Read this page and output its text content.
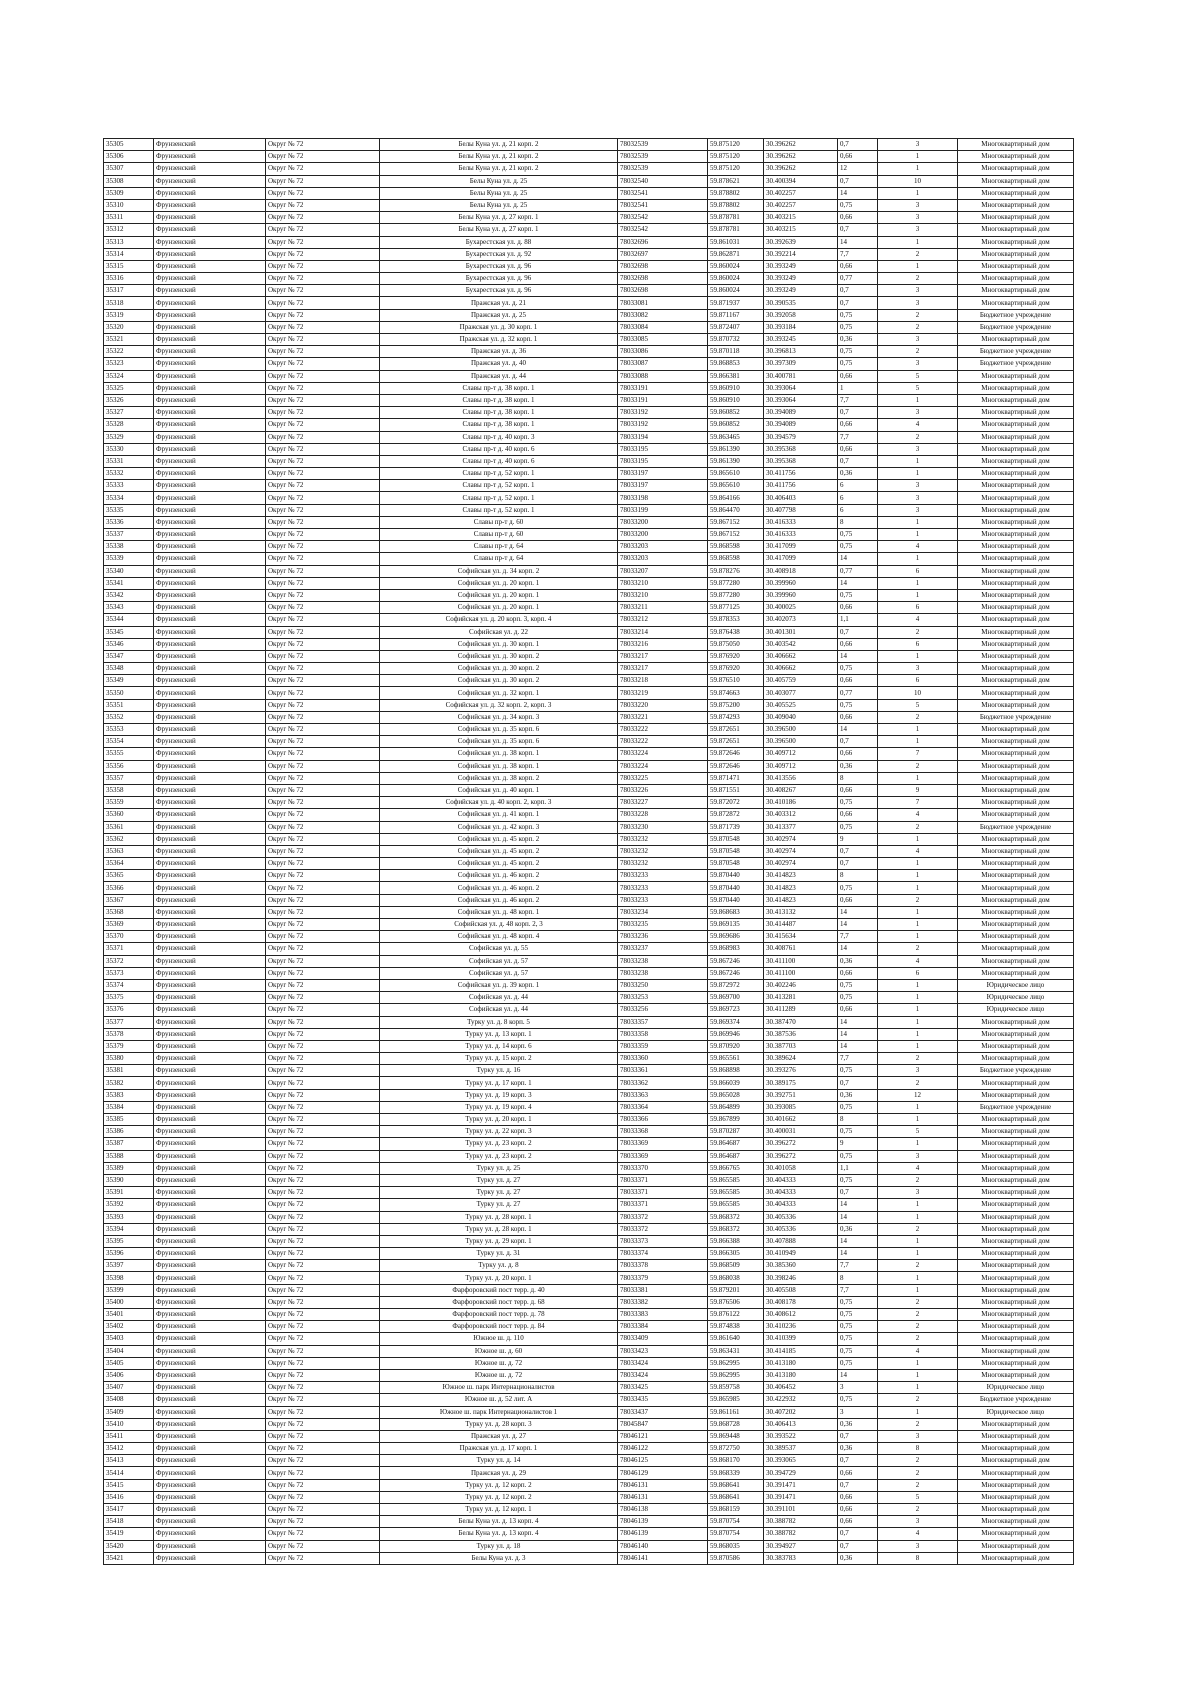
35305	Фрунзенский	Округ № 72	Белы Куна ул. д. 21 корп. 2	78032539	59.875120	30.396262	0,7	3	Многоквартирный дом
35306	Фрунзенский	Округ № 72	Белы Куна ул. д. 21 корп. 2	78032539	59.875120	30.396262	0,66	1	Многоквартирный дом
35307	Фрунзенский	Округ № 72	Белы Куна ул. д. 21 корп. 2	78032539	59.875120	30.396262	12	1	Многоквартирный дом
35308	Фрунзенский	Округ № 72	Белы Куна ул. д. 25	78032540	59.878621	30.400394	0,7	10	Многоквартирный дом
35309	Фрунзенский	Округ № 72	Белы Куна ул. д. 25	78032541	59.878802	30.402257	14	1	Многоквартирный дом
35310	Фрунзенский	Округ № 72	Белы Куна ул. д. 25	78032541	59.878802	30.402257	0,75	3	Многоквартирный дом
35311	Фрунзенский	Округ № 72	Белы Куна ул. д. 27 корп. 1	78032542	59.878781	30.403215	0,66	3	Многоквартирный дом
35312	Фрунзенский	Округ № 72	Белы Куна ул. д. 27 корп. 1	78032542	59.878781	30.403215	0,7	3	Многоквартирный дом
35313	Фрунзенский	Округ № 72	Бухарестская ул. д. 88	78032696	59.861031	30.392639	14	1	Многоквартирный дом
35314	Фрунзенский	Округ № 72	Бухарестская ул. д. 92	78032697	59.862871	30.392214	7,7	2	Многоквартирный дом
35315	Фрунзенский	Округ № 72	Бухарестская ул. д. 96	78032698	59.860024	30.393249	0,66	1	Многоквартирный дом
35316	Фрунзенский	Округ № 72	Бухарестская ул. д. 96	78032698	59.860024	30.393249	0,77	2	Многоквартирный дом
35317	Фрунзенский	Округ № 72	Бухарестская ул. д. 96	78032698	59.860024	30.393249	0,7	3	Многоквартирный дом
35318	Фрунзенский	Округ № 72	Пражская ул. д. 21	78033081	59.871937	30.390535	0,7	3	Многоквартирный дом
35319	Фрунзенский	Округ № 72	Пражская ул. д. 25	78033082	59.871167	30.392058	0,75	2	Бюджетное учреждение
35320	Фрунзенский	Округ № 72	Пражская ул. д. 30 корп. 1	78033084	59.872407	30.393184	0,75	2	Бюджетное учреждение
35321	Фрунзенский	Округ № 72	Пражская ул. д. 32 корп. 1	78033085	59.870732	30.393245	0,36	3	Многоквартирный дом
35322	Фрунзенский	Округ № 72	Пражская ул. д. 36	78033086	59.870118	30.396813	0,75	2	Бюджетное учреждение
35323	Фрунзенский	Округ № 72	Пражская ул. д. 40	78033087	59.868853	30.397309	0,75	3	Бюджетное учреждение
35324	Фрунзенский	Округ № 72	Пражская ул. д. 44	78033088	59.866381	30.400781	0,66	5	Многоквартирный дом
35325	Фрунзенский	Округ № 72	Славы пр-т д. 38 корп. 1	78033191	59.860910	30.393064	1	5	Многоквартирный дом
35326	Фрунзенский	Округ № 72	Славы пр-т д. 38 корп. 1	78033191	59.860910	30.393064	7,7	1	Многоквартирный дом
35327	Фрунзенский	Округ № 72	Славы пр-т д. 38 корп. 1	78033192	59.860852	30.394089	0,7	3	Многоквартирный дом
35328	Фрунзенский	Округ № 72	Славы пр-т д. 38 корп. 1	78033192	59.860852	30.394089	0,66	4	Многоквартирный дом
35329	Фрунзенский	Округ № 72	Славы пр-т д. 40 корп. 3	78033194	59.863465	30.394579	7,7	2	Многоквартирный дом
35330	Фрунзенский	Округ № 72	Славы пр-т д. 40 корп. 6	78033195	59.861390	30.395368	0,66	3	Многоквартирный дом
35331	Фрунзенский	Округ № 72	Славы пр-т д. 40 корп. 6	78033195	59.861390	30.395368	0,7	1	Многоквартирный дом
35332	Фрунзенский	Округ № 72	Славы пр-т д. 52 корп. 1	78033197	59.865610	30.411756	0,36	1	Многоквартирный дом
35333	Фрунзенский	Округ № 72	Славы пр-т д. 52 корп. 1	78033197	59.865610	30.411756	6	3	Многоквартирный дом
35334	Фрунзенский	Округ № 72	Славы пр-т д. 52 корп. 1	78033198	59.864166	30.406403	6	3	Многоквартирный дом
35335	Фрунзенский	Округ № 72	Славы пр-т д. 52 корп. 1	78033199	59.864470	30.407798	6	3	Многоквартирный дом
35336	Фрунзенский	Округ № 72	Славы пр-т д. 60	78033200	59.867152	30.416333	8	1	Многоквартирный дом
35337	Фрунзенский	Округ № 72	Славы пр-т д. 60	78033200	59.867152	30.416333	0,75	1	Многоквартирный дом
35338	Фрунзенский	Округ № 72	Славы пр-т д. 64	78033203	59.868598	30.417099	0,75	4	Многоквартирный дом
35339	Фрунзенский	Округ № 72	Славы пр-т д. 64	78033203	59.868598	30.417099	14	1	Многоквартирный дом
35340	Фрунзенский	Округ № 72	Софийская ул. д. 34 корп. 2	78033207	59.878276	30.408918	0,77	6	Многоквартирный дом
35341	Фрунзенский	Округ № 72	Софийская ул. д. 20 корп. 1	78033210	59.877280	30.399960	14	1	Многоквартирный дом
35342	Фрунзенский	Округ № 72	Софийская ул. д. 20 корп. 1	78033210	59.877280	30.399960	0,75	1	Многоквартирный дом
35343	Фрунзенский	Округ № 72	Софийская ул. д. 20 корп. 1	78033211	59.877125	30.400025	0,66	6	Многоквартирный дом
35344	Фрунзенский	Округ № 72	Софийская ул. д. 20 корп. 3, корп. 4	78033212	59.878353	30.402073	1,1	4	Многоквартирный дом
35345	Фрунзенский	Округ № 72	Софийская ул. д. 22	78033214	59.876438	30.401301	0,7	2	Многоквартирный дом
35346	Фрунзенский	Округ № 72	Софийская ул. д. 30 корп. 1	78033216	59.875050	30.403542	0,66	6	Многоквартирный дом
35347	Фрунзенский	Округ № 72	Софийская ул. д. 30 корп. 2	78033217	59.876920	30.406662	14	1	Многоквартирный дом
35348	Фрунзенский	Округ № 72	Софийская ул. д. 30 корп. 2	78033217	59.876920	30.406662	0,75	3	Многоквартирный дом
35349	Фрунзенский	Округ № 72	Софийская ул. д. 30 корп. 2	78033218	59.876510	30.405759	0,66	6	Многоквартирный дом
35350	Фрунзенский	Округ № 72	Софийская ул. д. 32 корп. 1	78033219	59.874663	30.403077	0,77	10	Многоквартирный дом
35351	Фрунзенский	Округ № 72	Софийская ул. д. 32 корп. 2, корп. 3	78033220	59.875200	30.405525	0,75	5	Многоквартирный дом
35352	Фрунзенский	Округ № 72	Софийская ул. д. 34 корп. 3	78033221	59.874293	30.409040	0,66	2	Бюджетное учреждение
35353	Фрунзенский	Округ № 72	Софийская ул. д. 35 корп. 6	78033222	59.872651	30.396500	14	1	Многоквартирный дом
35354	Фрунзенский	Округ № 72	Софийская ул. д. 35 корп. 6	78033222	59.872651	30.396500	0,7	1	Многоквартирный дом
35355	Фрунзенский	Округ № 72	Софийская ул. д. 38 корп. 1	78033224	59.872646	30.409712	0,66	7	Многоквартирный дом
35356	Фрунзенский	Округ № 72	Софийская ул. д. 38 корп. 1	78033224	59.872646	30.409712	0,36	2	Многоквартирный дом
35357	Фрунзенский	Округ № 72	Софийская ул. д. 38 корп. 2	78033225	59.871471	30.413556	8	1	Многоквартирный дом
35358	Фрунзенский	Округ № 72	Софийская ул. д. 40 корп. 1	78033226	59.871551	30.408267	0,66	9	Многоквартирный дом
35359	Фрунзенский	Округ № 72	Софийская ул. д. 40 корп. 2, корп. 3	78033227	59.872072	30.410186	0,75	7	Многоквартирный дом
35360	Фрунзенский	Округ № 72	Софийская ул. д. 41 корп. 1	78033228	59.872872	30.403312	0,66	4	Многоквартирный дом
35361	Фрунзенский	Округ № 72	Софийская ул. д. 42 корп. 3	78033230	59.871739	30.413377	0,75	2	Бюджетное учреждение
35362	Фрунзенский	Округ № 72	Софийская ул. д. 45 корп. 2	78033232	59.870548	30.402974	9	1	Многоквартирный дом
35363	Фрунзенский	Округ № 72	Софийская ул. д. 45 корп. 2	78033232	59.870548	30.402974	0,7	4	Многоквартирный дом
35364	Фрунзенский	Округ № 72	Софийская ул. д. 45 корп. 2	78033232	59.870548	30.402974	0,7	1	Многоквартирный дом
35365	Фрунзенский	Округ № 72	Софийская ул. д. 46 корп. 2	78033233	59.870440	30.414823	8	1	Многоквартирный дом
35366	Фрунзенский	Округ № 72	Софийская ул. д. 46 корп. 2	78033233	59.870440	30.414823	0,75	1	Многоквартирный дом
35367	Фрунзенский	Округ № 72	Софийская ул. д. 46 корп. 2	78033233	59.870440	30.414823	0,66	2	Многоквартирный дом
35368	Фрунзенский	Округ № 72	Софийская ул. д. 48 корп. 1	78033234	59.868683	30.413132	14	1	Многоквартирный дом
35369	Фрунзенский	Округ № 72	Софийская ул. д. 48 корп. 2, 3	78033235	59.869135	30.414487	14	1	Многоквартирный дом
35370	Фрунзенский	Округ № 72	Софийская ул. д. 48 корп. 4	78033236	59.869686	30.415634	7,7	1	Многоквартирный дом
35371	Фрунзенский	Округ № 72	Софийская ул. д. 55	78033237	59.868983	30.408761	14	2	Многоквартирный дом
35372	Фрунзенский	Округ № 72	Софийская ул. д. 57	78033238	59.867246	30.411100	0,36	4	Многоквартирный дом
35373	Фрунзенский	Округ № 72	Софийская ул. д. 57	78033238	59.867246	30.411100	0,66	6	Многоквартирный дом
35374	Фрунзенский	Округ № 72	Софийская ул. д. 39 корп. 1	78033250	59.872972	30.402246	0,75	1	Юридическое лицо
35375	Фрунзенский	Округ № 72	Софийская ул. д. 44	78033253	59.869700	30.413281	0,75	1	Юридическое лицо
35376	Фрунзенский	Округ № 72	Софийская ул. д. 44	78033256	59.869723	30.411289	0,66	1	Юридическое лицо
35377	Фрунзенский	Округ № 72	Турку ул. д. 8 корп. 5	78033357	59.869374	30.387470	14	1	Многоквартирный дом
35378	Фрунзенский	Округ № 72	Турку ул. д. 13 корп. 1	78033358	59.869946	30.387536	14	1	Многоквартирный дом
35379	Фрунзенский	Округ № 72	Турку ул. д. 14 корп. 6	78033359	59.870920	30.387703	14	1	Многоквартирный дом
35380	Фрунзенский	Округ № 72	Турку ул. д. 15 корп. 2	78033360	59.865561	30.389624	7,7	2	Многоквартирный дом
35381	Фрунзенский	Округ № 72	Турку ул. д. 16	78033361	59.868898	30.393276	0,75	3	Бюджетное учреждение
35382	Фрунзенский	Округ № 72	Турку ул. д. 17 корп. 1	78033362	59.866039	30.389175	0,7	2	Многоквартирный дом
35383	Фрунзенский	Округ № 72	Турку ул. д. 19 корп. 3	78033363	59.865028	30.392751	0,36	12	Многоквартирный дом
35384	Фрунзенский	Округ № 72	Турку ул. д. 19 корп. 4	78033364	59.864899	30.393085	0,75	1	Бюджетное учреждение
35385	Фрунзенский	Округ № 72	Турку ул. д. 20 корп. 1	78033366	59.867899	30.401662	8	1	Многоквартирный дом
35386	Фрунзенский	Округ № 72	Турку ул. д. 22 корп. 3	78033368	59.870287	30.400031	0,75	5	Многоквартирный дом
35387	Фрунзенский	Округ № 72	Турку ул. д. 23 корп. 2	78033369	59.864687	30.396272	9	1	Многоквартирный дом
35388	Фрунзенский	Округ № 72	Турку ул. д. 23 корп. 2	78033369	59.864687	30.396272	0,75	3	Многоквартирный дом
35389	Фрунзенский	Округ № 72	Турку ул. д. 25	78033370	59.866765	30.401058	1,1	4	Многоквартирный дом
35390	Фрунзенский	Округ № 72	Турку ул. д. 27	78033371	59.865585	30.404333	0,75	2	Многоквартирный дом
35391	Фрунзенский	Округ № 72	Турку ул. д. 27	78033371	59.865585	30.404333	0,7	3	Многоквартирный дом
35392	Фрунзенский	Округ № 72	Турку ул. д. 27	78033371	59.865585	30.404333	14	1	Многоквартирный дом
35393	Фрунзенский	Округ № 72	Турку ул. д. 28 корп. 1	78033372	59.868372	30.405336	14	1	Многоквартирный дом
35394	Фрунзенский	Округ № 72	Турку ул. д. 28 корп. 1	78033372	59.868372	30.405336	0,36	2	Многоквартирный дом
35395	Фрунзенский	Округ № 72	Турку ул. д. 29 корп. 1	78033373	59.866388	30.407888	14	1	Многоквартирный дом
35396	Фрунзенский	Округ № 72	Турку ул. д. 31	78033374	59.866305	30.410949	14	1	Многоквартирный дом
35397	Фрунзенский	Округ № 72	Турку ул. д. 8	78033378	59.868509	30.385360	7,7	2	Многоквартирный дом
35398	Фрунзенский	Округ № 72	Турку ул. д. 20 корп. 1	78033379	59.868038	30.398246	8	1	Многоквартирный дом
35399	Фрунзенский	Округ № 72	Фарфоровский пост терр. д. 40	78033381	59.879201	30.405508	7,7	1	Многоквартирный дом
35400	Фрунзенский	Округ № 72	Фарфоровский пост терр. д. 68	78033382	59.876506	30.408178	0,75	2	Многоквартирный дом
35401	Фрунзенский	Округ № 72	Фарфоровский пост терр. д. 78	78033383	59.876122	30.408612	0,75	2	Многоквартирный дом
35402	Фрунзенский	Округ № 72	Фарфоровский пост терр. д. 84	78033384	59.874838	30.410236	0,75	2	Многоквартирный дом
35403	Фрунзенский	Округ № 72	Южное ш. д. 110	78033409	59.861640	30.410399	0,75	2	Многоквартирный дом
35404	Фрунзенский	Округ № 72	Южное ш. д. 60	78033423	59.863431	30.414185	0,75	4	Многоквартирный дом
35405	Фрунзенский	Округ № 72	Южное ш. д. 72	78033424	59.862995	30.413180	0,75	1	Многоквартирный дом
35406	Фрунзенский	Округ № 72	Южное ш. д. 72	78033424	59.862995	30.413180	14	1	Многоквартирный дом
35407	Фрунзенский	Округ № 72	Южное ш. парк Интернационалистов	78033425	59.859758	30.406452	3	1	Юридическое лицо
35408	Фрунзенский	Округ № 72	Южное ш. д. 52 лит. А	78033435	59.865985	30.422932	0,75	2	Бюджетное учреждение
35409	Фрунзенский	Округ № 72	Южное ш. парк Интернационалистов 1	78033437	59.861161	30.407202	3	1	Юридическое лицо
35410	Фрунзенский	Округ № 72	Турку ул. д. 28 корп. 3	78045847	59.868728	30.406413	0,36	2	Многоквартирный дом
35411	Фрунзенский	Округ № 72	Пражская ул. д. 27	78046121	59.869448	30.393522	0,7	3	Многоквартирный дом
35412	Фрунзенский	Округ № 72	Пражская ул. д. 17 корп. 1	78046122	59.872750	30.389537	0,36	8	Многоквартирный дом
35413	Фрунзенский	Округ № 72	Турку ул. д. 14	78046125	59.868170	30.393065	0,7	2	Многоквартирный дом
35414	Фрунзенский	Округ № 72	Пражская ул. д. 29	78046129	59.868339	30.394729	0,66	2	Многоквартирный дом
35415	Фрунзенский	Округ № 72	Турку ул. д. 12 корп. 2	78046131	59.868641	30.391471	0,7	2	Многоквартирный дом
35416	Фрунзенский	Округ № 72	Турку ул. д. 12 корп. 2	78046131	59.868641	30.391471	0,66	5	Многоквартирный дом
35417	Фрунзенский	Округ № 72	Турку ул. д. 12 корп. 1	78046138	59.868159	30.391101	0,66	2	Многоквартирный дом
35418	Фрунзенский	Округ № 72	Белы Куна ул. д. 13 корп. 4	78046139	59.870754	30.388782	0,66	3	Многоквартирный дом
35419	Фрунзенский	Округ № 72	Белы Куна ул. д. 13 корп. 4	78046139	59.870754	30.388782	0,7	4	Многоквартирный дом
35420	Фрунзенский	Округ № 72	Турку ул. д. 18	78046140	59.868035	30.394927	0,7	3	Многоквартирный дом
35421	Фрунзенский	Округ № 72	Белы Куна ул. д. 3	78046141	59.870586	30.383783	0,36	8	Многоквартирный дом
